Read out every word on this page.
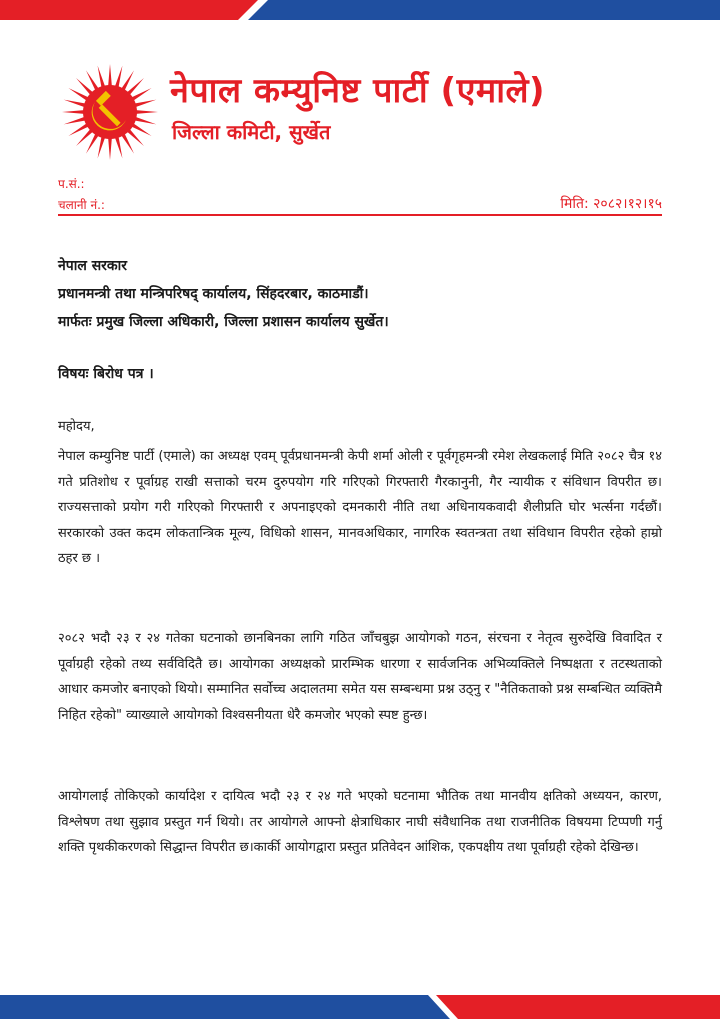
नेपाल कम्युनिष्ट पार्टी (एमाले)
जिल्ला कमिटी, सुर्खेत
प.सं.:
चलानी नं.:	मिति: २०८२।१२।१५
नेपाल सरकार
प्रधानमन्त्री तथा मन्त्रिपरिषद् कार्यालय, सिंहदरबार, काठमाडौं।
मार्फतः प्रमुख जिल्ला अधिकारी, जिल्ला प्रशासन कार्यालय सुर्खेत।
विषयः बिरोध पत्र ।
महोदय,
नेपाल कम्युनिष्ट पार्टी (एमाले) का अध्यक्ष एवम् पूर्वप्रधानमन्त्री केपी शर्मा ओली र पूर्वगृहमन्त्री रमेश लेखकलाई मिति २०८२ चैत्र १४ गते प्रतिशोध र पूर्वाग्रह राखी सत्ताको चरम दुरुपयोग गरि गरिएको गिरफ्तारी गैरकानुनी, गैर न्यायीक र संविधान विपरीत छ। राज्यसत्ताको प्रयोग गरी गरिएको गिरफ्तारी र अपनाइएको दमनकारी नीति तथा अधिनायकवादी शैलीप्रति घोर भर्त्सना गर्दछौं। सरकारको उक्त कदम लोकतान्त्रिक मूल्य, विधिको शासन, मानवअधिकार, नागरिक स्वतन्त्रता तथा संविधान विपरीत रहेको हाम्रो ठहर छ ।
२०८२ भदौ २३ र २४ गतेका घटनाको छानबिनका लागि गठित जाँचबुझ आयोगको गठन, संरचना र नेतृत्व सुरुदेखि विवादित र पूर्वाग्रही रहेको तथ्य सर्वविदितै छ। आयोगका अध्यक्षको प्रारम्भिक धारणा र सार्वजनिक अभिव्यक्तिले निष्पक्षता र तटस्थताको आधार कमजोर बनाएको थियो। सम्मानित सर्वोच्च अदालतमा समेत यस सम्बन्धमा प्रश्न उठ्नु र "नैतिकताको प्रश्न सम्बन्धित व्यक्तिमै निहित रहेको" व्याख्याले आयोगको विश्वसनीयता धेरै कमजोर भएको स्पष्ट हुन्छ।
आयोगलाई तोकिएको कार्यादेश र दायित्व भदौ २३ र २४ गते भएको घटनामा भौतिक तथा मानवीय क्षतिको अध्ययन, कारण, विश्लेषण तथा सुझाव प्रस्तुत गर्न थियो। तर आयोगले आफ्नो क्षेत्राधिकार नाघी संवैधानिक तथा राजनीतिक विषयमा टिप्पणी गर्नु शक्ति पृथकीकरणको सिद्धान्त विपरीत छ।कार्की आयोगद्वारा प्रस्तुत प्रतिवेदन आंशिक, एकपक्षीय तथा पूर्वाग्रही रहेको देखिन्छ।
